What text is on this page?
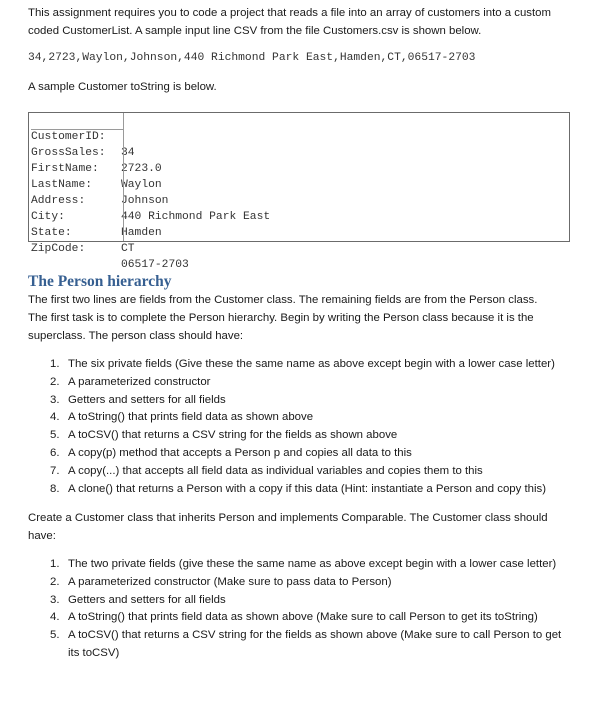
This assignment requires you to code a project that reads a file into an array of customers into a custom

coded CustomerList. A sample input line CSV from the file Customers.csv is shown below.

34,2723,Waylon,Johnson,440 Richmond Park East,Hamden,CT,06517-2703

A sample Customer toString is below.

CustomerID:

34

GrossSales:

2723.0

FirstName:

Waylon

LastName:

Johnson

Address:

440 Richmond Park East

City:

Hamden

State:

CT

ZipCode:

06517-2703

The Person hierarchy

The first two lines are fields from the Customer class. The remaining fields are from the Person class.

The first task is to complete the Person hierarchy. Begin by writing the Person class because it is the

superclass. The person class should have:

1. The six private fields (Give these the same name as above except begin with a lower case letter)
2. A parameterized constructor
3. Getters and setters for all fields
4. A toString() that prints field data as shown above
5. A toCSV() that returns a CSV string for the fields as shown above
6. A copy(p) method that accepts a Person p and copies all data to this
7. A copy(...) that accepts all field data as individual variables and copies them to this
8. A clone() that returns a Person with a copy if this data (Hint: instantiate a Person and copy this)

Create a Customer class that inherits Person and implements Comparable. The Customer class should

have:

1. The two private fields (give these the same name as above except begin with a lower case letter)
2. A parameterized constructor (Make sure to pass data to Person)
3. Getters and setters for all fields
4. A toString() that prints field data as shown above (Make sure to call Person to get its toString)
5. A toCSV() that returns a CSV string for the fields as shown above (Make sure to call Person to get
its toCSV)
